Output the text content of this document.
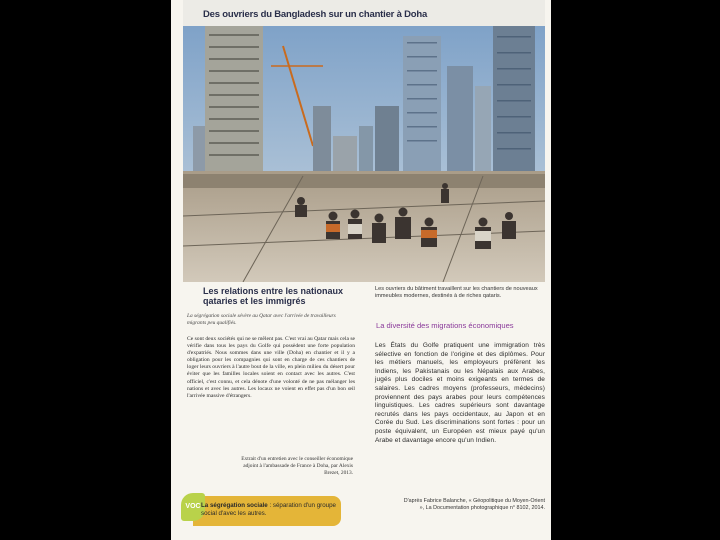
Des ouvriers du Bangladesh sur un chantier à Doha
Les relations entre les nationaux qataries et les immigrés
Les ouvriers du bâtiment travaillent sur les chantiers de nouveaux immeubles modernes, destinés à de riches qataris.
La ségrégation sociale sévère au Qatar avec l'arrivée de travailleurs migrants peu qualifiés.
Ce sont deux sociétés qui ne se mêlent pas. C'est vrai au Qatar mais cela se vérifie dans tous les pays du Golfe qui possèdent une forte population d'expatriés. Nous sommes dans une ville (Doha) en chantier et il y a obligation pour les compagnies qui sont en charge de ces chantiers de loger leurs ouvriers à l'autre bout de la ville, en plein milieu du désert pour éviter que les familles locales soient en contact avec les autres. C'est officiel, c'est connu, et cela dénote d'une volonté de ne pas mélanger les nations et avec les autres. Les locaux ne voient en effet pas d'un bon œil l'arrivée massive d'étrangers.
Extrait d'un entretien avec le conseiller économique adjoint à l'ambassade de France à Doha, par Alexis Brezet, 2013.
La diversité des migrations économiques
Les États du Golfe pratiquent une immigration très sélective en fonction de l'origine et des diplômes. Pour les métiers manuels, les employeurs préfèrent les Indiens, les Pakistanais ou les Népalais aux Arabes, jugés plus dociles et moins exigeants en termes de salaires. Les cadres moyens (professeurs, médecins) proviennent des pays arabes pour leurs compétences linguistiques. Les cadres supérieurs sont davantage recrutés dans les pays occidentaux, au Japon et en Corée du Sud. Les discriminations sont fortes : pour un poste équivalent, un Européen est mieux payé qu'un Arabe et davantage encore qu'un Indien.
D'après Fabrice Balanche, « Géopolitique du Moyen-Orient », La Documentation photographique n° 8102, 2014.
VOC La ségrégation sociale : séparation d'un groupe social d'avec les autres.
